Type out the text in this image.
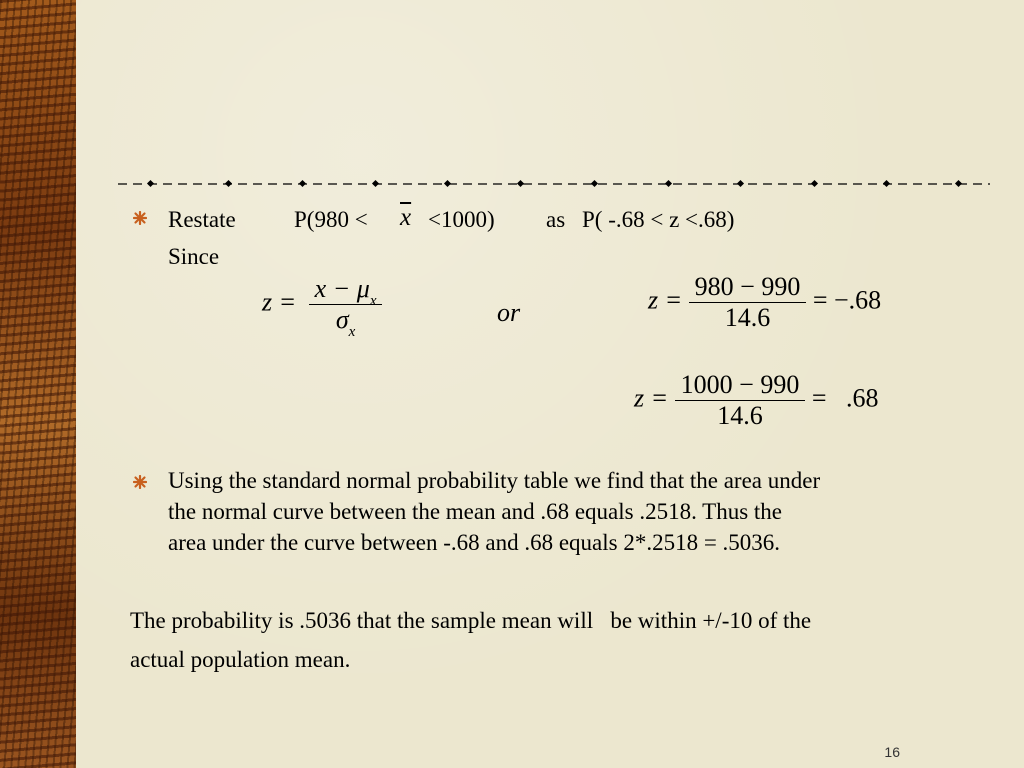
Restate	$P(980 < \overline{x} <1000)$ as P( -.68 < z <.68)
Since
$z = \frac{x - \mu_x}{\sigma_x}$	or	$z = \frac{980 - 990}{14.6} = -.68$
$z = \frac{1000 - 990}{14.6} = .68$
Using the standard normal probability table we find that the area under
the normal curve between the mean and .68 equals .2518. Thus the
area under the curve between -.68 and .68 equals 2*.2518 = .5036.
The probability is .5036 that the sample mean will   be within +/-10 of the
actual population mean.
16
